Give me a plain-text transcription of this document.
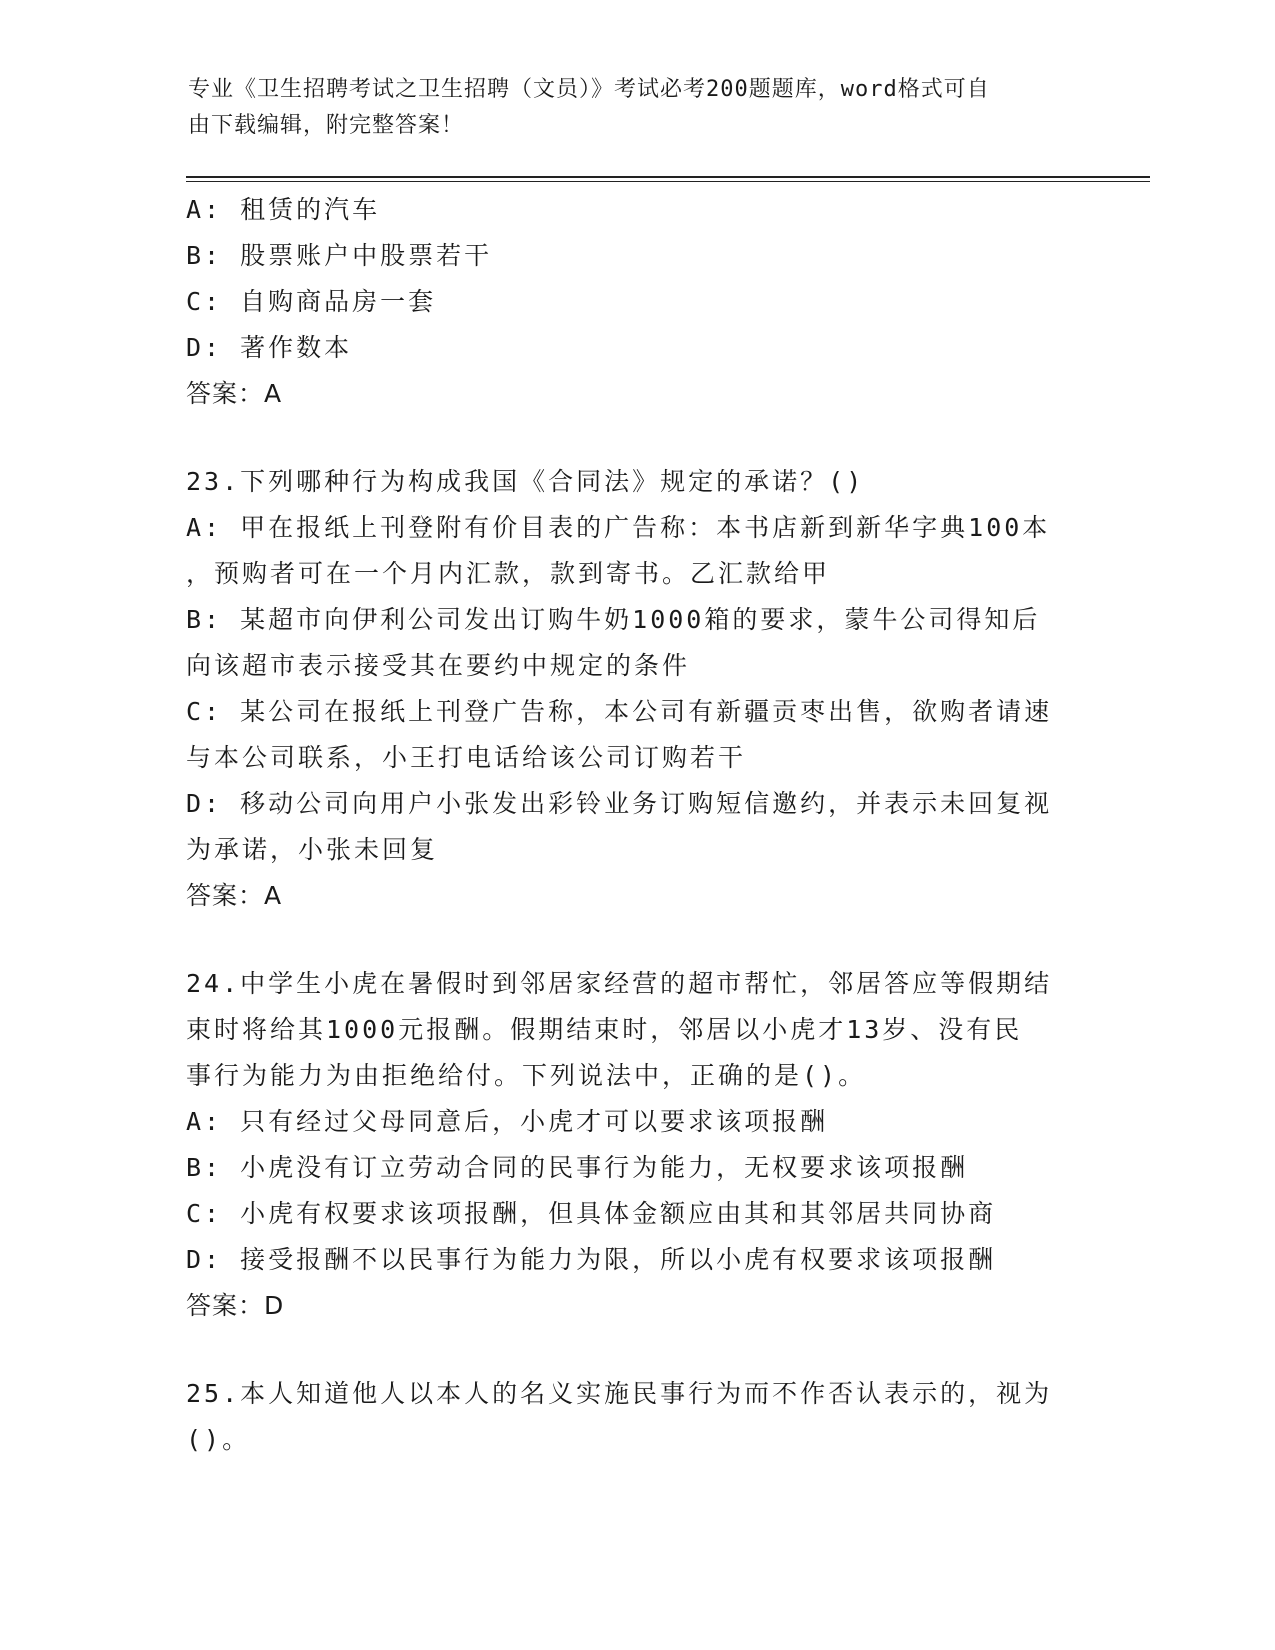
专业《卫生招聘考试之卫生招聘（文员）》考试必考200题题库，word格式可自
由下载编辑，附完整答案！
A: 租赁的汽车
B: 股票账户中股票若干
C: 自购商品房一套
D: 著作数本
答案：A
23.下列哪种行为构成我国《合同法》规定的承诺？()
A: 甲在报纸上刊登附有价目表的广告称：本书店新到新华字典100本
，预购者可在一个月内汇款，款到寄书。乙汇款给甲
B: 某超市向伊利公司发出订购牛奶1000箱的要求，蒙牛公司得知后
向该超市表示接受其在要约中规定的条件
C: 某公司在报纸上刊登广告称，本公司有新疆贡枣出售，欲购者请速
与本公司联系，小王打电话给该公司订购若干
D: 移动公司向用户小张发出彩铃业务订购短信邀约，并表示未回复视
为承诺，小张未回复
答案：A
24.中学生小虎在暑假时到邻居家经营的超市帮忙，邻居答应等假期结
束时将给其1000元报酬。假期结束时，邻居以小虎才13岁、没有民
事行为能力为由拒绝给付。下列说法中，正确的是()。
A: 只有经过父母同意后，小虎才可以要求该项报酬
B: 小虎没有订立劳动合同的民事行为能力，无权要求该项报酬
C: 小虎有权要求该项报酬，但具体金额应由其和其邻居共同协商
D: 接受报酬不以民事行为能力为限，所以小虎有权要求该项报酬
答案：D
25.本人知道他人以本人的名义实施民事行为而不作否认表示的，视为
()。
